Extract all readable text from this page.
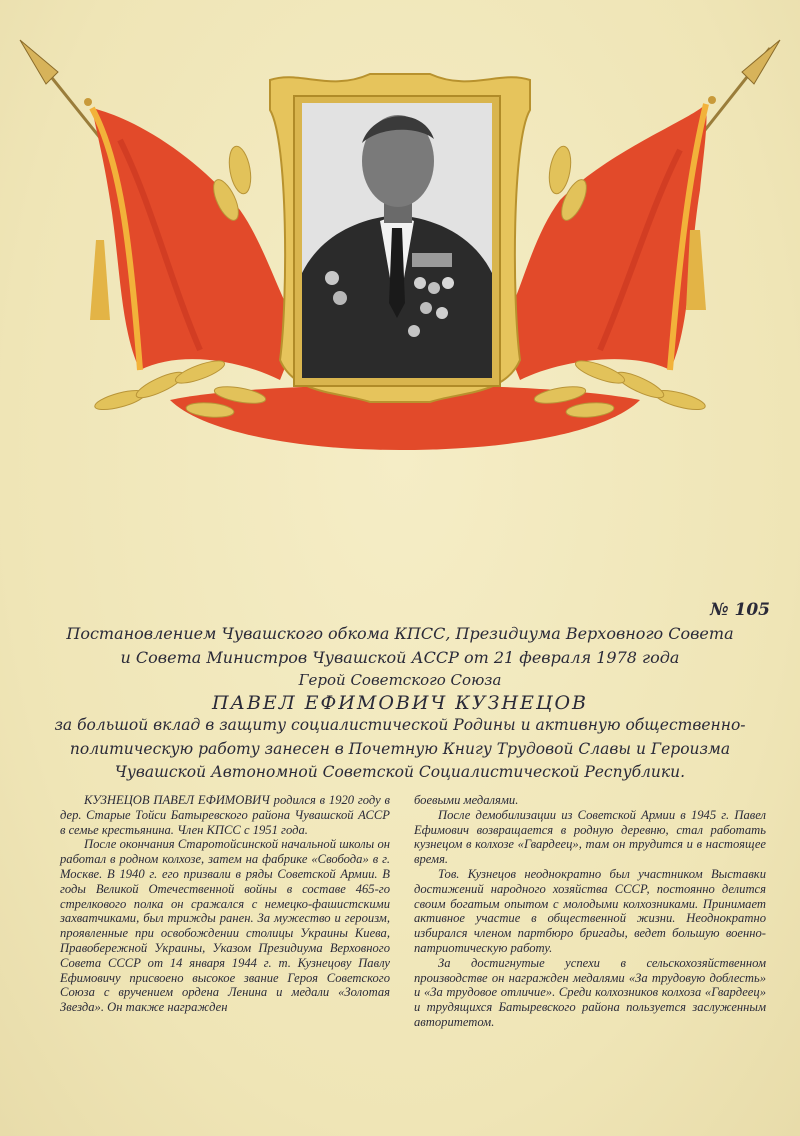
№ 105
Постановлением Чувашского обкома КПСС, Президиума Верховного Совета
и Совета Министров Чувашской АССР от 21 февраля 1978 года
Герой Советского Союза
ПАВЕЛ ЕФИМОВИЧ КУЗНЕЦОВ
за большой вклад в защиту социалистической Родины и активную общественно-
политическую работу занесен в Почетную Книгу Трудовой Славы и Героизма
Чувашской Автономной Советской Социалистической Республики.

КУЗНЕЦОВ ПАВЕЛ ЕФИМОВИЧ родился в 1920 году в дер. Старые Тойси Батыревского района Чувашской АССР в семье крестьянина. Член КПСС с 1951 года.

После окончания Старотойсинской начальной школы он работал в родном колхозе, затем на фабрике «Свобода» в г. Москве. В 1940 г. его призвали в ряды Советской Армии. В годы Великой Отечественной войны в составе 465-го стрелкового полка он сражался с немецко-фашистскими захватчиками, был трижды ранен. За мужество и героизм, проявленные при освобождении столицы Украины Киева, Правобережной Украины, Указом Президиума Верховного Совета СССР от 14 января 1944 г. т. Кузнецову Павлу Ефимовичу присвоено высокое звание Героя Советского Союза с вручением ордена Ленина и медали «Золотая Звезда». Он также награжден

боевыми медалями.

После демобилизации из Советской Армии в 1945 г. Павел Ефимович возвращается в родную деревню, стал работать кузнецом в колхозе «Гвардеец», там он трудится и в настоящее время.

Тов. Кузнецов неоднократно был участником Выставки достижений народного хозяйства СССР, постоянно делится своим богатым опытом с молодыми колхозниками. Принимает активное участие в общественной жизни. Неоднократно избирался членом партбюро бригады, ведет большую военно-патриотическую работу.

За достигнутые успехи в сельскохозяйственном производстве он награжден медалями «За трудовую доблесть» и «За трудовое отличие». Среди колхозников колхоза «Гвардеец» и трудящихся Батыревского района пользуется заслуженным авторитетом.
